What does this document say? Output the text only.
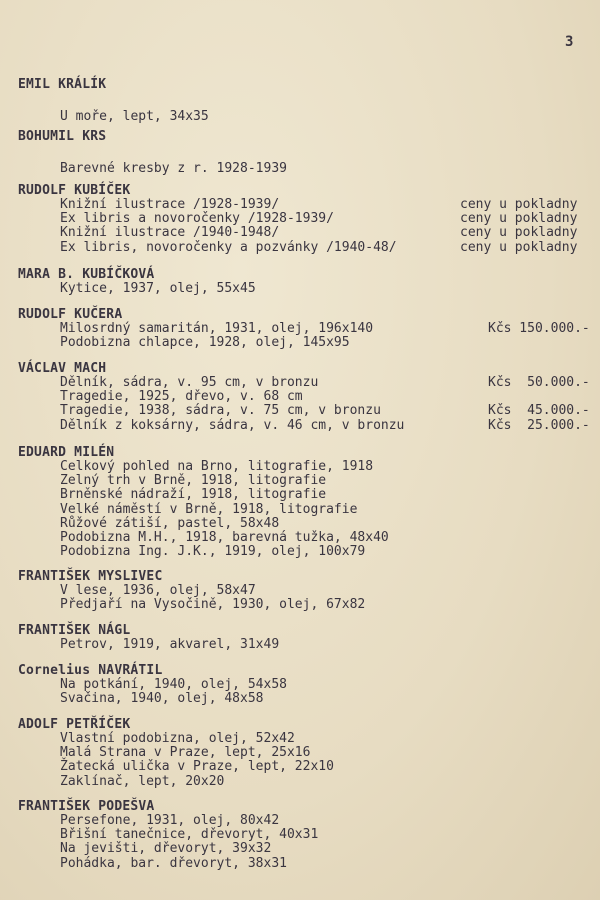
3
EMIL KRÁLÍK
U moře, lept, 34x35
BOHUMIL KRS
Barevné kresby z r. 1928-1939
RUDOLF KUBÍČEK
Knižní ilustrace /1928-1939/	ceny u pokladny
Ex libris a novoročenky /1928-1939/	ceny u pokladny
Knižní ilustrace /1940-1948/	ceny u pokladny
Ex libris, novoročenky a pozvánky /1940-48/	ceny u pokladny
MARA B. KUBÍČKOVÁ
Kytice, 1937, olej, 55x45
RUDOLF KUČERA
Milosrdný samaritán, 1931, olej, 196x140	Kčs 150.000.-
Podobizna chlapce, 1928, olej, 145x95
VÁCLAV MACH
Dělník, sádra, v. 95 cm, v bronzu	Kčs  50.000.-
Tragedie, 1925, dřevo, v. 68 cm
Tragedie, 1938, sádra, v. 75 cm, v bronzu	Kčs  45.000.-
Dělník z koksárny, sádra, v. 46 cm, v bronzu	Kčs  25.000.-
EDUARD MILÉN
Celkový pohled na Brno, litografie, 1918
Zelný trh v Brně, 1918, litografie
Brněnské nádraží, 1918, litografie
Velké náměstí v Brně, 1918, litografie
Růžové zátiší, pastel, 58x48
Podobizna M.H., 1918, barevná tužka, 48x40
Podobizna Ing. J.K., 1919, olej, 100x79
FRANTIŠEK MYSLIVEC
V lese, 1936, olej, 58x47
Předjaří na Vysočině, 1930, olej, 67x82
FRANTIŠEK NÁGL
Petrov, 1919, akvarel, 31x49
Cornelius NAVRÁTIL
Na potkání, 1940, olej, 54x58
Svačina, 1940, olej, 48x58
ADOLF PETŘÍČEK
Vlastní podobizna, olej, 52x42
Malá Strana v Praze, lept, 25x16
Žatecká ulička v Praze, lept, 22x10
Zaklínač, lept, 20x20
FRANTIŠEK PODEŠVA
Persefone, 1931, olej, 80x42
Břišní tanečnice, dřevoryt, 40x31
Na jevišti, dřevoryt, 39x32
Pohádka, bar. dřevoryt, 38x31
